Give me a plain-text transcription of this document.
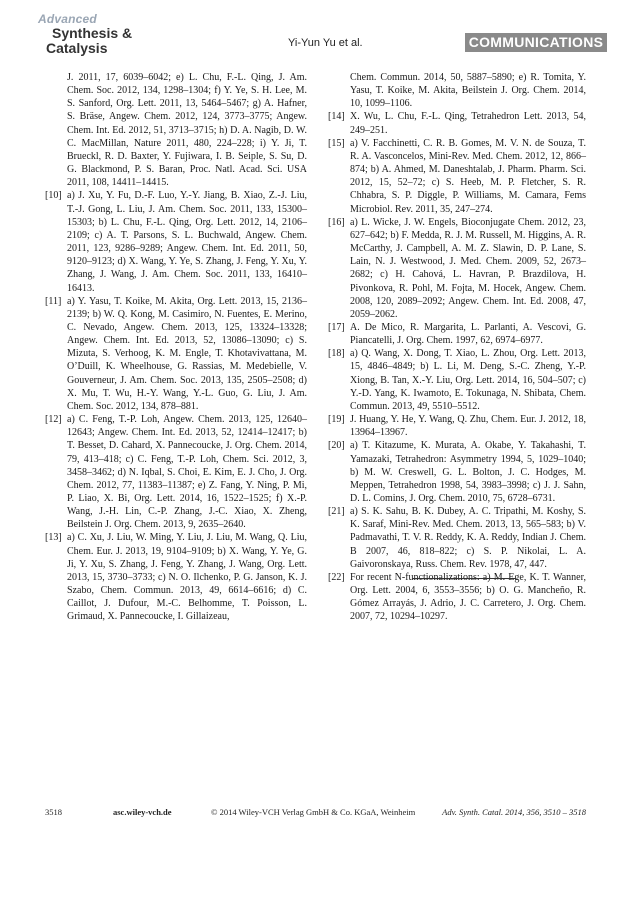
Advanced
Synthesis &
Catalysis	Yi-Yun Yu et al.	COMMUNICATIONS
J. 2011, 17, 6039–6042; e) L. Chu, F.-L. Qing, J. Am. Chem. Soc. 2012, 134, 1298–1304; f) Y. Ye, S. H. Lee, M. S. Sanford, Org. Lett. 2011, 13, 5464–5467; g) A. Hafner, S. Bräse, Angew. Chem. 2012, 124, 3773–3775; Angew. Chem. Int. Ed. 2012, 51, 3713–3715; h) D. A. Nagib, D. W. C. MacMillan, Nature 2011, 480, 224–228; i) Y. Ji, T. Brueckl, R. D. Baxter, Y. Fujiwara, I. B. Seiple, S. Su, D. G. Blackmond, P. S. Baran, Proc. Natl. Acad. Sci. USA 2011, 108, 14411–14415.
[10] a) J. Xu, Y. Fu, D.-F. Luo, Y.-Y. Jiang, B. Xiao, Z.-J. Liu, T.-J. Gong, L. Liu, J. Am. Chem. Soc. 2011, 133, 15300–15303; b) L. Chu, F.-L. Qing, Org. Lett. 2012, 14, 2106–2109; c) A. T. Parsons, S. L. Buchwald, Angew. Chem. 2011, 123, 9286–9289; Angew. Chem. Int. Ed. 2011, 50, 9120–9123; d) X. Wang, Y. Ye, S. Zhang, J. Feng, Y. Xu, Y. Zhang, J. Wang, J. Am. Chem. Soc. 2011, 133, 16410–16413.
[11] a) Y. Yasu, T. Koike, M. Akita, Org. Lett. 2013, 15, 2136–2139; b) W. Q. Kong, M. Casimiro, N. Fuentes, E. Merino, C. Nevado, Angew. Chem. 2013, 125, 13324–13328; Angew. Chem. Int. Ed. 2013, 52, 13086–13090; c) S. Mizuta, S. Verhoog, K. M. Engle, T. Khotavivattana, M. O’Duill, K. Wheelhouse, G. Rassias, M. Medebielle, V. Gouverneur, J. Am. Chem. Soc. 2013, 135, 2505–2508; d) X. Mu, T. Wu, H.-Y. Wang, Y.-L. Guo, G. Liu, J. Am. Chem. Soc. 2012, 134, 878–881.
[12] a) C. Feng, T.-P. Loh, Angew. Chem. 2013, 125, 12640–12643; Angew. Chem. Int. Ed. 2013, 52, 12414–12417; b) T. Besset, D. Cahard, X. Pannecoucke, J. Org. Chem. 2014, 79, 413–418; c) C. Feng, T.-P. Loh, Chem. Sci. 2012, 3, 3458–3462; d) N. Iqbal, S. Choi, E. Kim, E. J. Cho, J. Org. Chem. 2012, 77, 11383–11387; e) Z. Fang, Y. Ning, P. Mi, P. Liao, X. Bi, Org. Lett. 2014, 16, 1522–1525; f) X.-P. Wang, J.-H. Lin, C.-P. Zhang, J.-C. Xiao, X. Zheng, Beilstein J. Org. Chem. 2013, 9, 2635–2640.
[13] a) C. Xu, J. Liu, W. Ming, Y. Liu, J. Liu, M. Wang, Q. Liu, Chem. Eur. J. 2013, 19, 9104–9109; b) X. Wang, Y. Ye, G. Ji, Y. Xu, S. Zhang, J. Feng, Y. Zhang, J. Wang, Org. Lett. 2013, 15, 3730–3733; c) N. O. Ilchenko, P. G. Janson, K. J. Szabo, Chem. Commun. 2013, 49, 6614–6616; d) C. Caillot, J. Dufour, M.-C. Belhomme, T. Poisson, L. Grimaud, X. Pannecoucke, I. Gillaizeau,
Chem. Commun. 2014, 50, 5887–5890; e) R. Tomita, Y. Yasu, T. Koike, M. Akita, Beilstein J. Org. Chem. 2014, 10, 1099–1106.
[14] X. Wu, L. Chu, F.-L. Qing, Tetrahedron Lett. 2013, 54, 249–251.
[15] a) V. Facchinetti, C. R. B. Gomes, M. V. N. de Souza, T. R. A. Vasconcelos, Mini-Rev. Med. Chem. 2012, 12, 866–874; b) A. Ahmed, M. Daneshtalab, J. Pharm. Pharm. Sci. 2012, 15, 52–72; c) S. Heeb, M. P. Fletcher, S. R. Chhabra, S. P. Diggle, P. Williams, M. Camara, Fems Microbiol. Rev. 2011, 35, 247–274.
[16] a) L. Wicke, J. W. Engels, Bioconjugate Chem. 2012, 23, 627–642; b) F. Medda, R. J. M. Russell, M. Higgins, A. R. McCarthy, J. Campbell, A. M. Z. Slawin, D. P. Lane, S. Lain, N. J. Westwood, J. Med. Chem. 2009, 52, 2673–2682; c) H. Cahová, L. Havran, P. Brazdilova, H. Pivonkova, R. Pohl, M. Fojta, M. Hocek, Angew. Chem. 2008, 120, 2089–2092; Angew. Chem. Int. Ed. 2008, 47, 2059–2062.
[17] A. De Mico, R. Margarita, L. Parlanti, A. Vescovi, G. Piancatelli, J. Org. Chem. 1997, 62, 6974–6977.
[18] a) Q. Wang, X. Dong, T. Xiao, L. Zhou, Org. Lett. 2013, 15, 4846–4849; b) L. Li, M. Deng, S.-C. Zheng, Y.-P. Xiong, B. Tan, X.-Y. Liu, Org. Lett. 2014, 16, 504–507; c) Y.-D. Yang, K. Iwamoto, E. Tokunaga, N. Shibata, Chem. Commun. 2013, 49, 5510–5512.
[19] J. Huang, Y. He, Y. Wang, Q. Zhu, Chem. Eur. J. 2012, 18, 13964–13967.
[20] a) T. Kitazume, K. Murata, A. Okabe, Y. Takahashi, T. Yamazaki, Tetrahedron: Asymmetry 1994, 5, 1029–1040; b) M. W. Creswell, G. L. Bolton, J. C. Hodges, M. Meppen, Tetrahedron 1998, 54, 3983–3998; c) J. J. Sahn, D. L. Comins, J. Org. Chem. 2010, 75, 6728–6731.
[21] a) S. K. Sahu, B. K. Dubey, A. C. Tripathi, M. Koshy, S. K. Saraf, Mini-Rev. Med. Chem. 2013, 13, 565–583; b) V. Padmavathi, T. V. R. Reddy, K. A. Reddy, Indian J. Chem. B 2007, 46, 818–822; c) S. P. Nikolai, L. A. Gaivoronskaya, Russ. Chem. Rev. 1978, 47, 447.
[22] For recent N-functionalizations: a) M. Ege, K. T. Wanner, Org. Lett. 2004, 6, 3553–3556; b) O. G. Mancheño, R. Gómez Arrayás, J. Adrio, J. C. Carretero, J. Org. Chem. 2007, 72, 10294–10297.
3518	asc.wiley-vch.de	© 2014 Wiley-VCH Verlag GmbH & Co. KGaA, Weinheim	Adv. Synth. Catal. 2014, 356, 3510 – 3518
